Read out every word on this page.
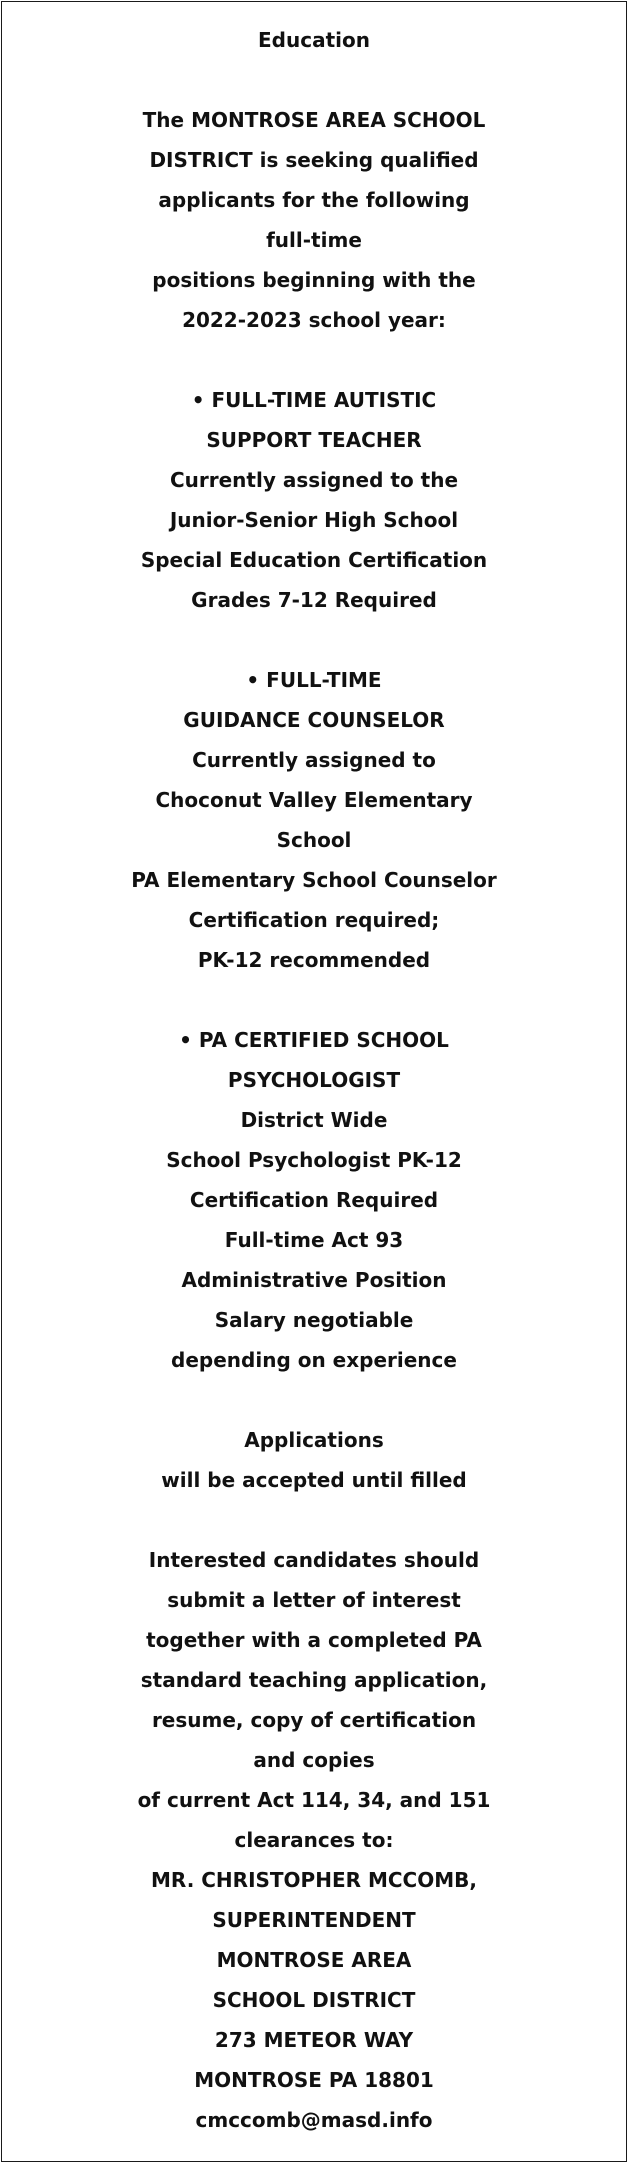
Education
The MONTROSE AREA SCHOOL
DISTRICT is seeking qualified
applicants for the following
full-time
positions beginning with the
2022-2023 school year:
• FULL-TIME AUTISTIC
SUPPORT TEACHER
Currently assigned to the
Junior-Senior High School
Special Education Certification
Grades 7-12 Required
• FULL-TIME
GUIDANCE COUNSELOR
Currently assigned to
Choconut Valley Elementary
School
PA Elementary School Counselor
Certification required;
PK-12 recommended
• PA CERTIFIED SCHOOL
PSYCHOLOGIST
District Wide
School Psychologist PK-12
Certification Required
Full-time Act 93
Administrative Position
Salary negotiable
depending on experience
Applications
will be accepted until filled
Interested candidates should
submit a letter of interest
together with a completed PA
standard teaching application,
resume, copy of certification
and copies
of current Act 114, 34, and 151
clearances to:
MR. CHRISTOPHER MCCOMB,
SUPERINTENDENT
MONTROSE AREA
SCHOOL DISTRICT
273 METEOR WAY
MONTROSE PA 18801
cmccomb@masd.info
